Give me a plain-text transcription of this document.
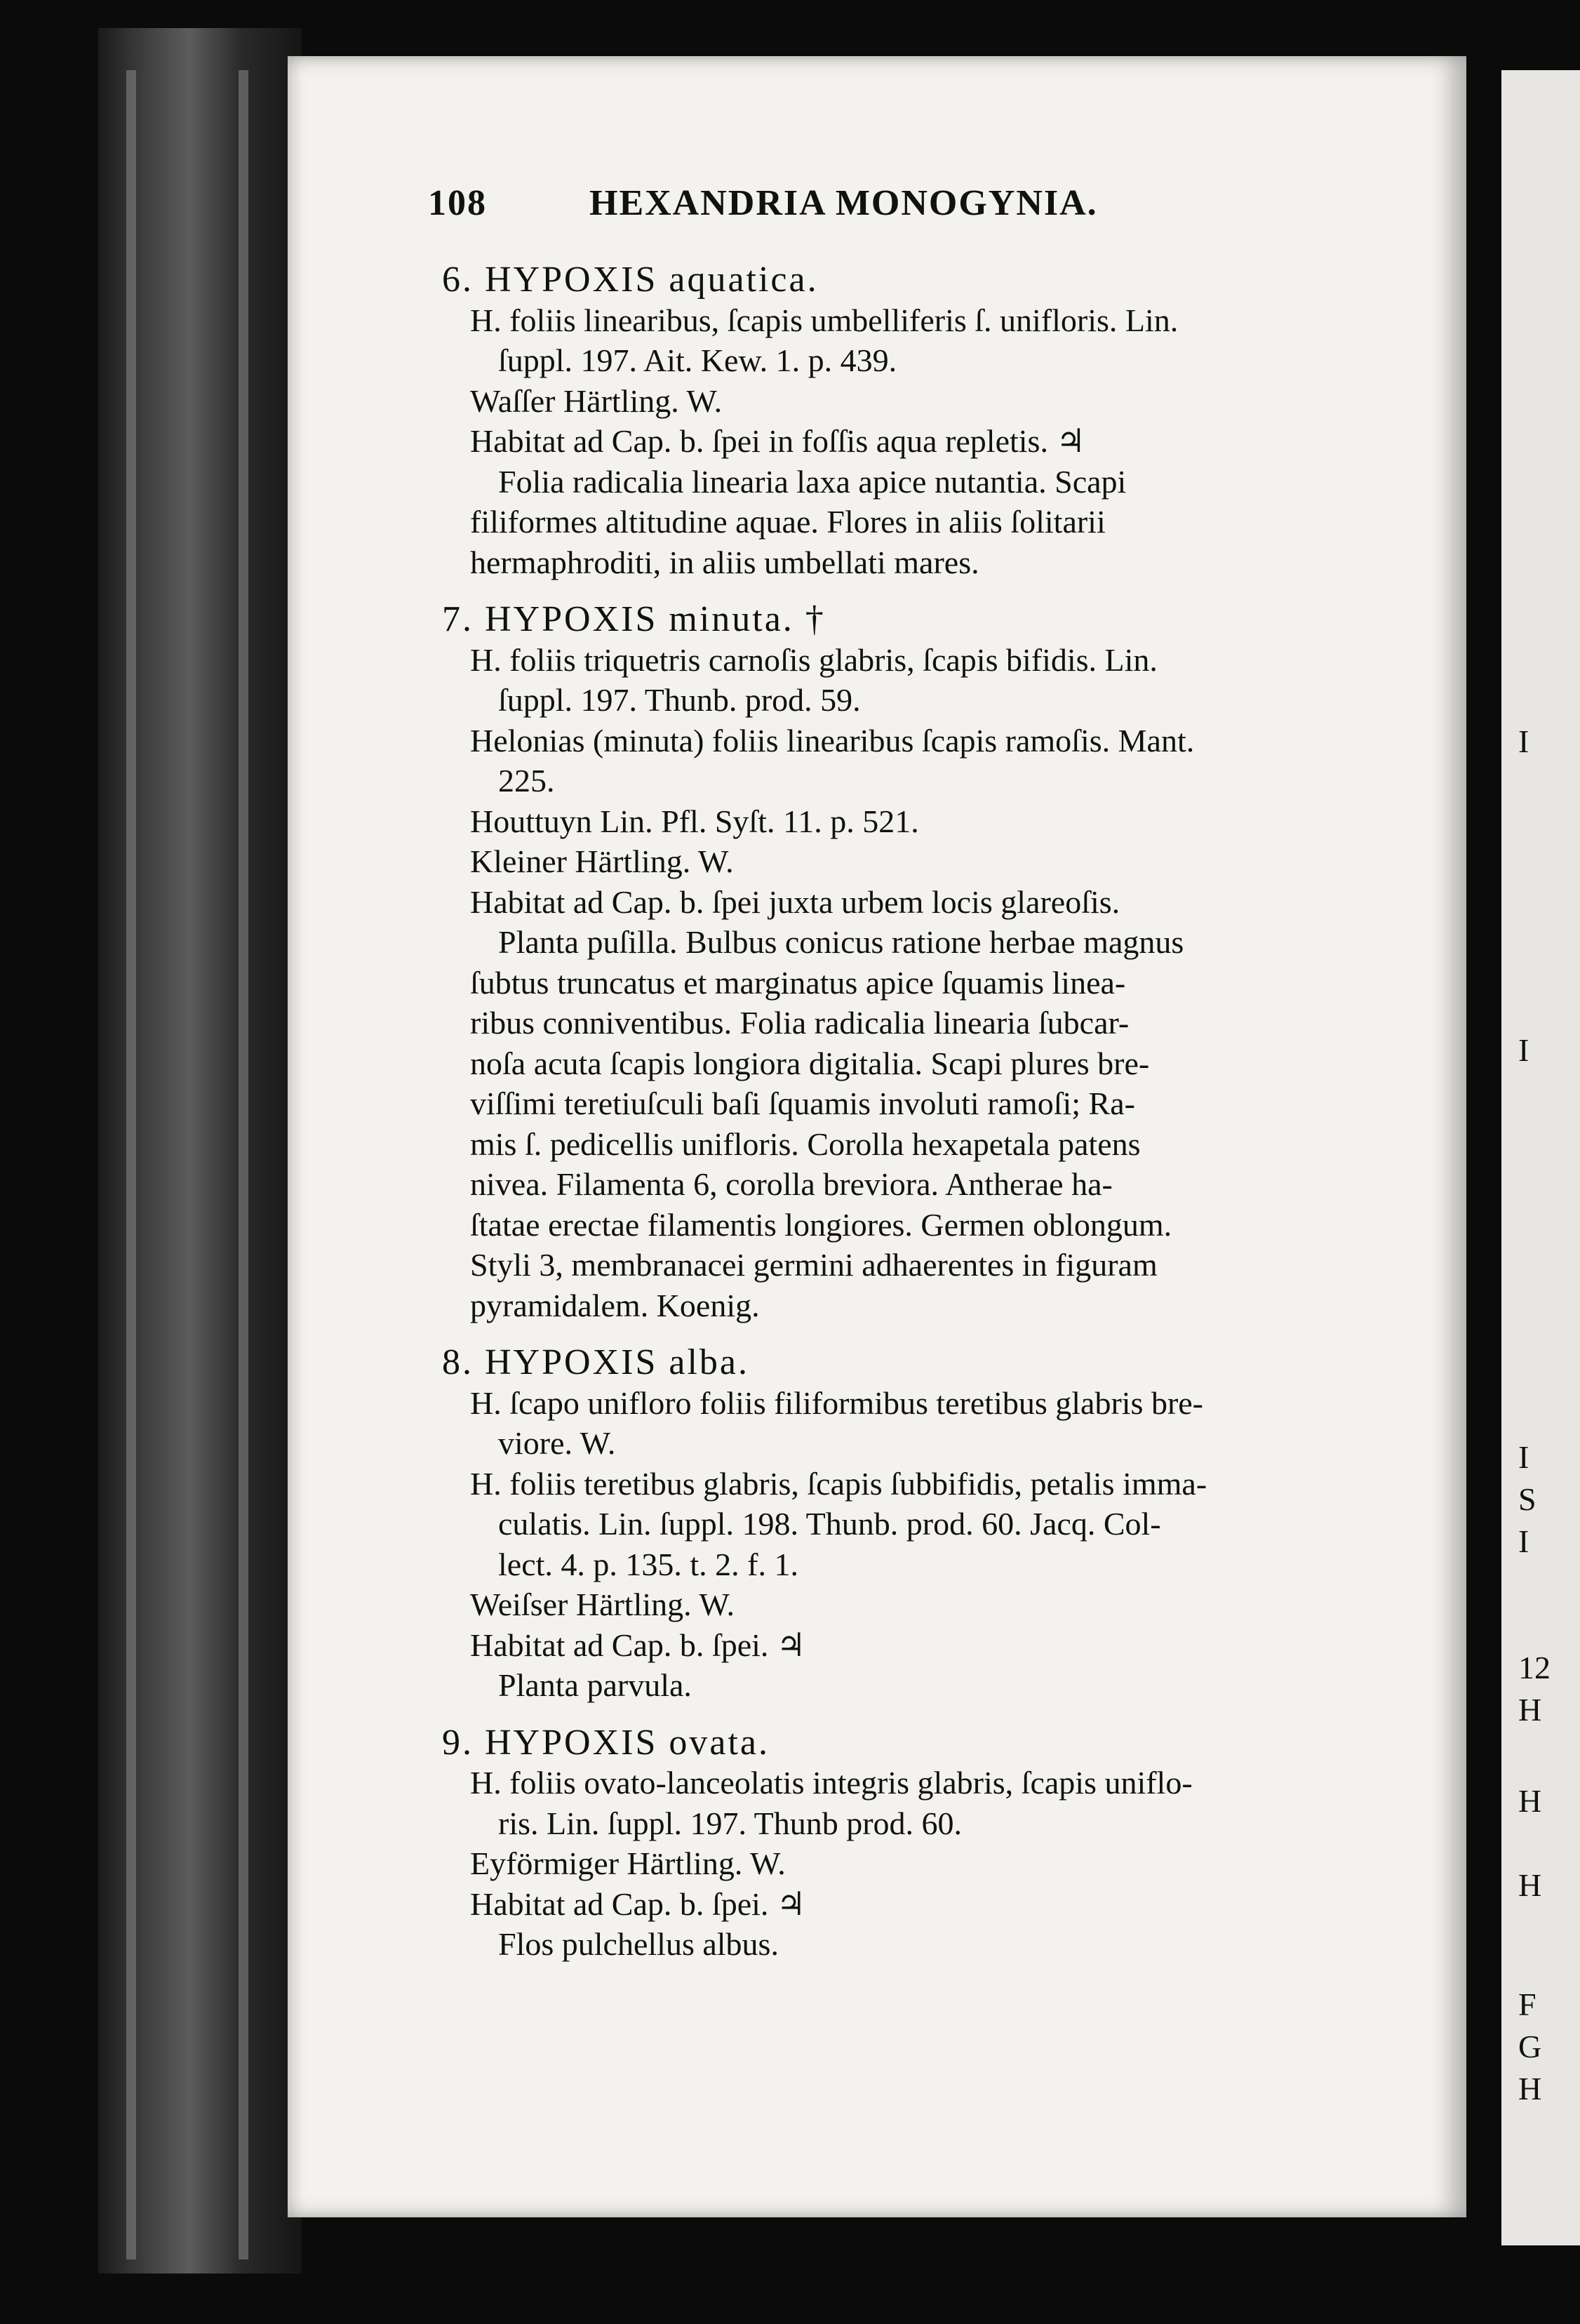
I
I
I
S
I
12
H
H
H
F
G
H
108	HEXANDRIA MONOGYNIA.
6. HYPOXIS aquatica.
H. foliis linearibus, ſcapis umbelliferis ſ. unifloris. Lin.
ſuppl. 197. Ait. Kew. 1. p. 439.
Waſſer Härtling. W.
Habitat ad Cap. b. ſpei in foſſis aqua repletis. ♃
Folia radicalia linearia laxa apice nutantia. Scapi
filiformes altitudine aquae. Flores in aliis ſolitarii
hermaphroditi, in aliis umbellati mares.
7. HYPOXIS minuta. †
H. foliis triquetris carnoſis glabris, ſcapis bifidis. Lin.
ſuppl. 197. Thunb. prod. 59.
Helonias (minuta) foliis linearibus ſcapis ramoſis. Mant.
225.
Houttuyn Lin. Pfl. Syſt. 11. p. 521.
Kleiner Härtling. W.
Habitat ad Cap. b. ſpei juxta urbem locis glareoſis.
Planta puſilla. Bulbus conicus ratione herbae magnus
ſubtus truncatus et marginatus apice ſquamis linea-
ribus conniventibus. Folia radicalia linearia ſubcar-
noſa acuta ſcapis longiora digitalia. Scapi plures bre-
viſſimi teretiuſculi baſi ſquamis involuti ramoſi; Ra-
mis ſ. pedicellis unifloris. Corolla hexapetala patens
nivea. Filamenta 6, corolla breviora. Antherae ha-
ſtatae erectae filamentis longiores. Germen oblongum.
Styli 3, membranacei germini adhaerentes in figuram
pyramidalem. Koenig.
8. HYPOXIS alba.
H. ſcapo unifloro foliis filiformibus teretibus glabris bre-
viore. W.
H. foliis teretibus glabris, ſcapis ſubbifidis, petalis imma-
culatis. Lin. ſuppl. 198. Thunb. prod. 60. Jacq. Col-
lect. 4. p. 135. t. 2. f. 1.
Weiſser Härtling. W.
Habitat ad Cap. b. ſpei. ♃
Planta parvula.
9. HYPOXIS ovata.
H. foliis ovato-lanceolatis integris glabris, ſcapis uniflo-
ris. Lin. ſuppl. 197. Thunb prod. 60.
Eyförmiger Härtling. W.
Habitat ad Cap. b. ſpei. ♃
Flos pulchellus albus.
